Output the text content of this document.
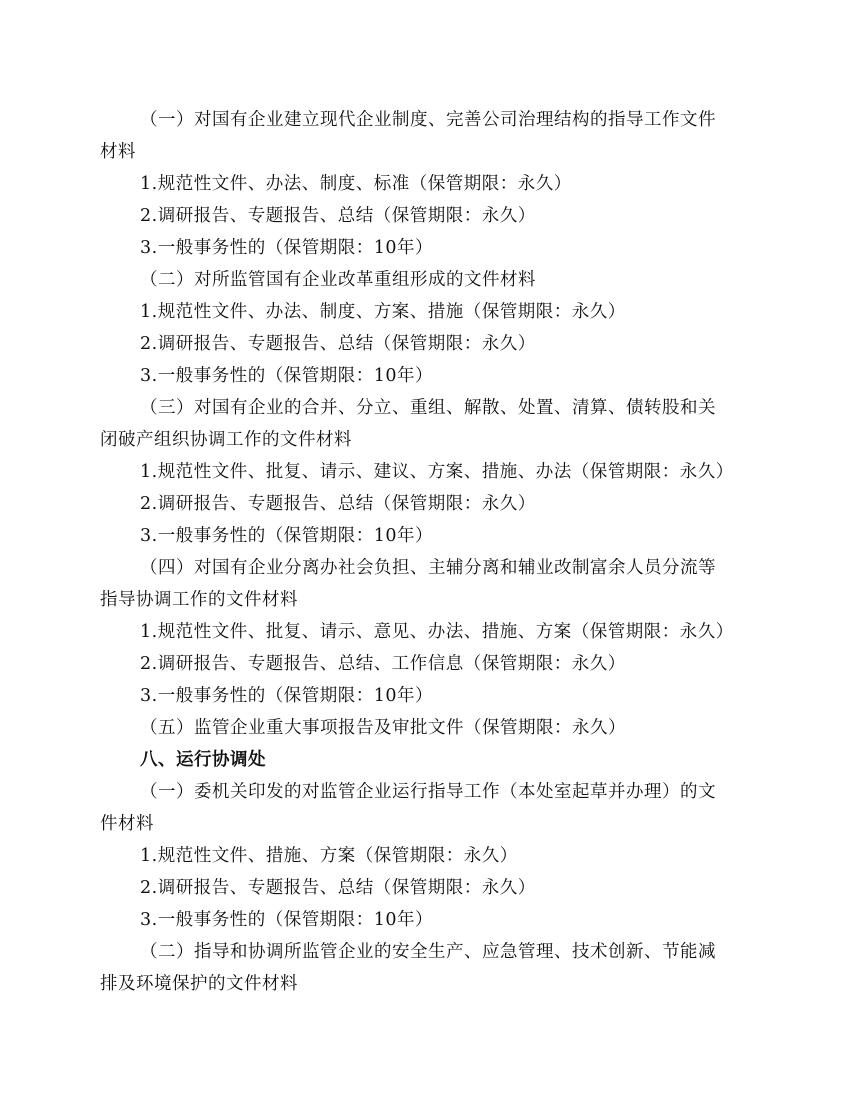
（一）对国有企业建立现代企业制度、完善公司治理结构的指导工作文件
材料
1.规范性文件、办法、制度、标准（保管期限：永久）
2.调研报告、专题报告、总结（保管期限：永久）
3.一般事务性的（保管期限：10年）
（二）对所监管国有企业改革重组形成的文件材料
1.规范性文件、办法、制度、方案、措施（保管期限：永久）
2.调研报告、专题报告、总结（保管期限：永久）
3.一般事务性的（保管期限：10年）
（三）对国有企业的合并、分立、重组、解散、处置、清算、债转股和关
闭破产组织协调工作的文件材料
1.规范性文件、批复、请示、建议、方案、措施、办法（保管期限：永久）
2.调研报告、专题报告、总结（保管期限：永久）
3.一般事务性的（保管期限：10年）
（四）对国有企业分离办社会负担、主辅分离和辅业改制富余人员分流等
指导协调工作的文件材料
1.规范性文件、批复、请示、意见、办法、措施、方案（保管期限：永久）
2.调研报告、专题报告、总结、工作信息（保管期限：永久）
3.一般事务性的（保管期限：10年）
（五）监管企业重大事项报告及审批文件（保管期限：永久）
八、运行协调处
（一）委机关印发的对监管企业运行指导工作（本处室起草并办理）的文
件材料
1.规范性文件、措施、方案（保管期限：永久）
2.调研报告、专题报告、总结（保管期限：永久）
3.一般事务性的（保管期限：10年）
（二）指导和协调所监管企业的安全生产、应急管理、技术创新、节能减
排及环境保护的文件材料
